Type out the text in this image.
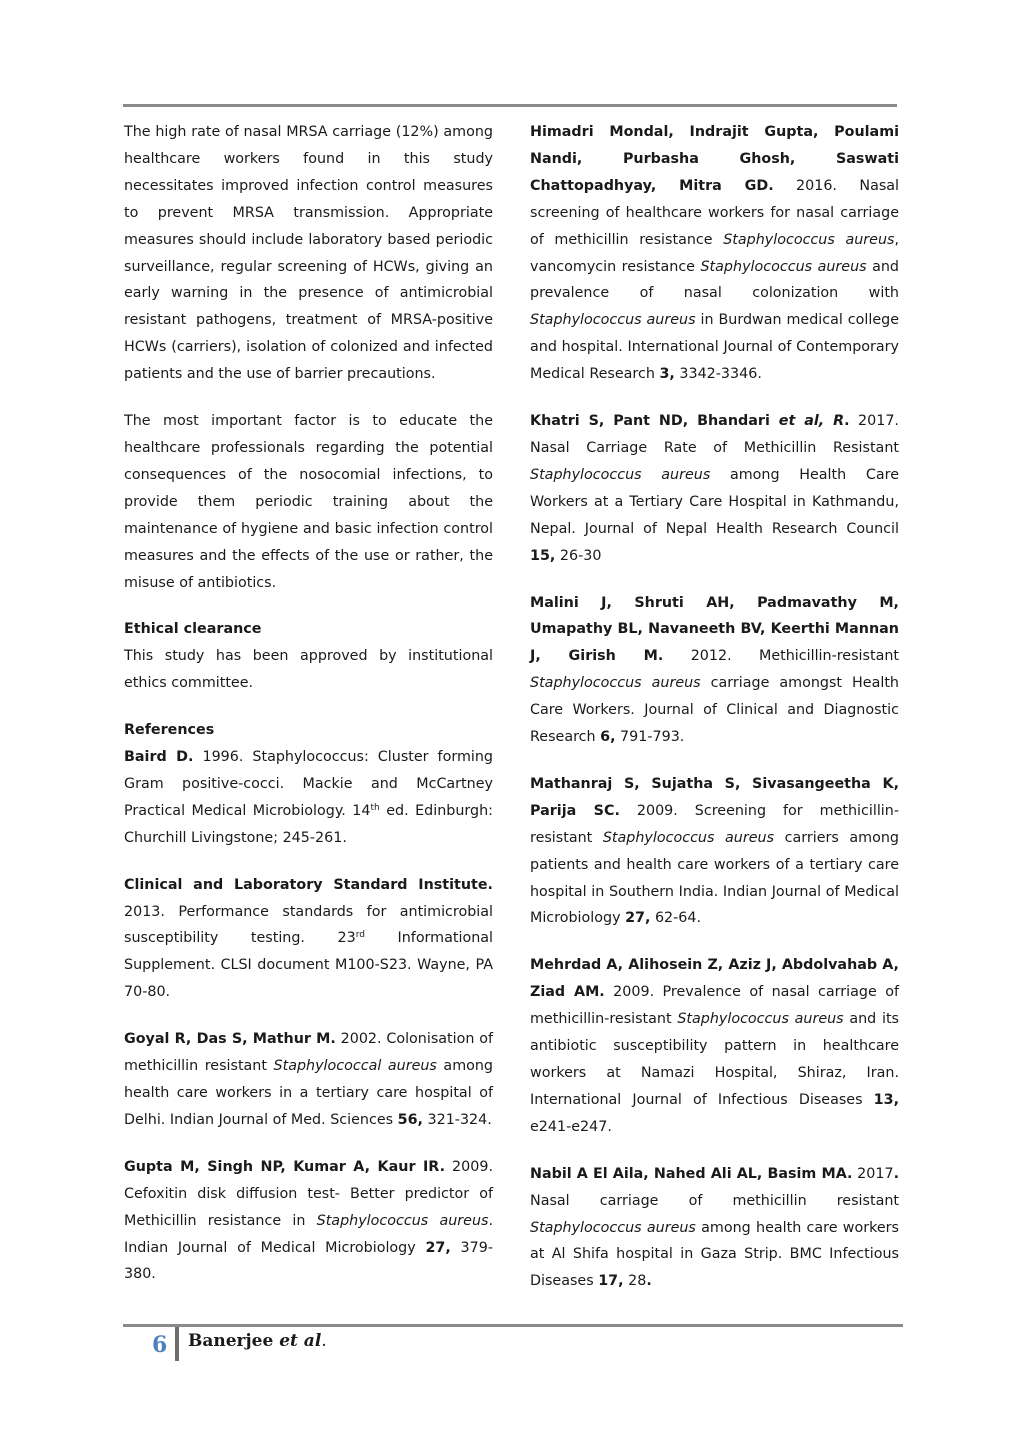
The high rate of nasal MRSA carriage (12%) among healthcare workers found in this study necessitates improved infection control measures to prevent MRSA transmission. Appropriate measures should include laboratory based periodic surveillance, regular screening of HCWs, giving an early warning in the presence of antimicrobial resistant pathogens, treatment of MRSA-positive HCWs (carriers), isolation of colonized and infected patients and the use of barrier precautions.

The most important factor is to educate the healthcare professionals regarding the potential consequences of the nosocomial infections, to provide them periodic training about the maintenance of hygiene and basic infection control measures and the effects of the use or rather, the misuse of antibiotics.

Ethical clearance

This study has been approved by institutional ethics committee.

References

Baird D. 1996. Staphylococcus: Cluster forming Gram positive-cocci. Mackie and McCartney Practical Medical Microbiology. 14th ed. Edinburgh: Churchill Livingstone; 245-261.

Clinical and Laboratory Standard Institute. 2013. Performance standards for antimicrobial susceptibility testing. 23rd Informational Supplement. CLSI document M100-S23. Wayne, PA 70-80.

Goyal R, Das S, Mathur M. 2002. Colonisation of methicillin resistant Staphylococcal aureus among health care workers in a tertiary care hospital of Delhi. Indian Journal of Med. Sciences 56, 321-324.

Gupta M, Singh NP, Kumar A, Kaur IR. 2009. Cefoxitin disk diffusion test- Better predictor of Methicillin resistance in Staphylococcus aureus. Indian Journal of Medical Microbiology 27, 379-380.

Himadri Mondal, Indrajit Gupta, Poulami Nandi, Purbasha Ghosh, Saswati Chattopadhyay, Mitra GD. 2016. Nasal screening of healthcare workers for nasal carriage of methicillin resistance Staphylococcus aureus, vancomycin resistance Staphylococcus aureus and prevalence of nasal colonization with Staphylococcus aureus in Burdwan medical college and hospital. International Journal of Contemporary Medical Research 3, 3342-3346.

Khatri S, Pant ND, Bhandari et al, R. 2017. Nasal Carriage Rate of Methicillin Resistant Staphylococcus aureus among Health Care Workers at a Tertiary Care Hospital in Kathmandu, Nepal. Journal of Nepal Health Research Council 15, 26-30

Malini J, Shruti AH, Padmavathy M, Umapathy BL, Navaneeth BV, Keerthi Mannan J, Girish M. 2012. Methicillin-resistant Staphylococcus aureus carriage amongst Health Care Workers. Journal of Clinical and Diagnostic Research 6, 791-793.

Mathanraj S, Sujatha S, Sivasangeetha K, Parija SC. 2009. Screening for methicillin-resistant Staphylococcus aureus carriers among patients and health care workers of a tertiary care hospital in Southern India. Indian Journal of Medical Microbiology 27, 62-64.

Mehrdad A, Alihosein Z, Aziz J, Abdolvahab A, Ziad AM. 2009. Prevalence of nasal carriage of methicillin-resistant Staphylococcus aureus and its antibiotic susceptibility pattern in healthcare workers at Namazi Hospital, Shiraz, Iran. International Journal of Infectious Diseases 13, e241-e247.

Nabil A El Aila, Nahed Ali AL, Basim MA. 2017. Nasal carriage of methicillin resistant Staphylococcus aureus among health care workers at Al Shifa hospital in Gaza Strip. BMC Infectious Diseases 17, 28.

6 Banerjee et al.
